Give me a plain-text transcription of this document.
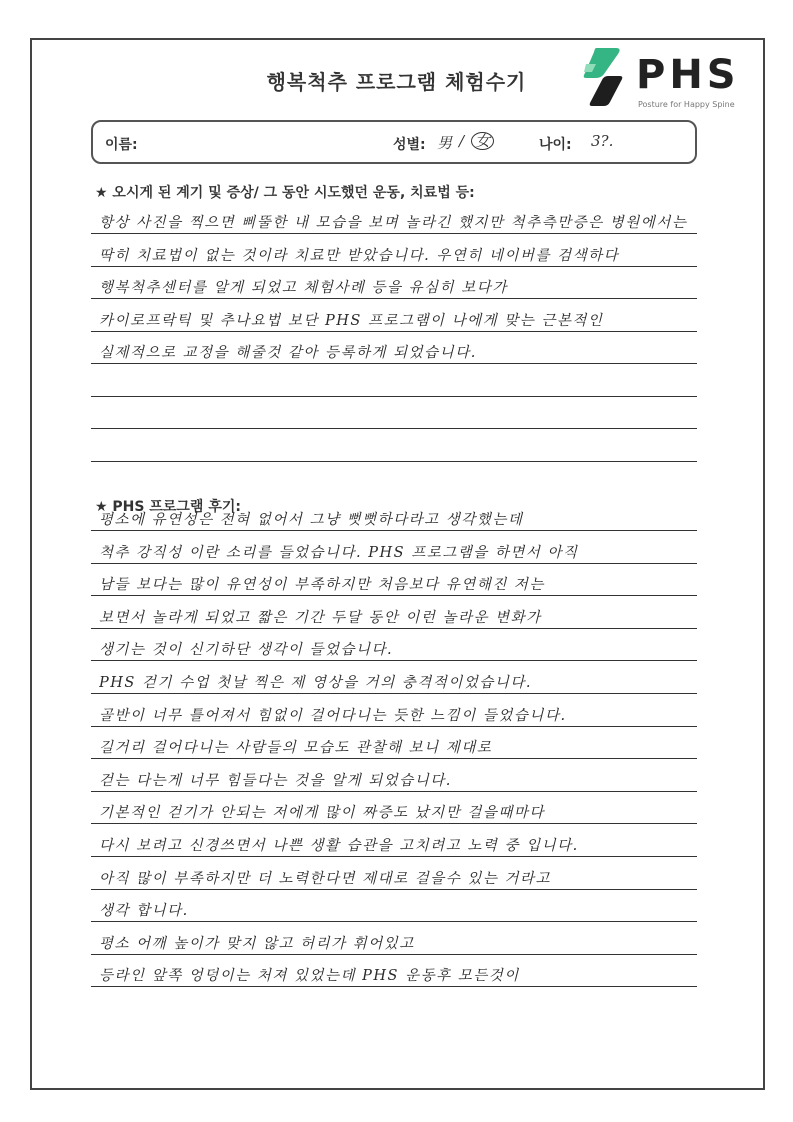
행복척추 프로그램 체험수기	PHS
Posture for Happy Spine
이름:	성별: 男 / 女	나이: 3?.
★ 오시게 된 계기 및 증상/ 그 동안 시도했던 운동, 치료법 등:
항상 사진을 찍으면 삐뚤한 내 모습을 보며 놀라긴 했지만 척추측만증은 병원에서는
딱히 치료법이 없는 것이라 치료만 받았습니다. 우연히 네이버를 검색하다
행복척추센터를 알게 되었고 체험사례 등을 유심히 보다가
카이로프락틱 및 추나요법 보단 PHS 프로그램이 나에게 맞는 근본적인
실제적으로 교정을 해줄것 같아 등록하게 되었습니다.
★ PHS 프로그램 후기:
평소에 유연성은 전혀 없어서 그냥 뻣뻣하다라고 생각했는데
척추 강직성 이란 소리를 들었습니다. PHS 프로그램을 하면서 아직
남들 보다는 많이 유연성이 부족하지만 처음보다 유연해진 저는
보면서 놀라게 되었고 짧은 기간 두달 동안 이런 놀라운 변화가
생기는 것이 신기하단 생각이 들었습니다.
PHS 걷기 수업 첫날 찍은 제 영상을 거의 충격적이었습니다.
골반이 너무 틀어져서 힘없이 걸어다니는 듯한 느낌이 들었습니다.
길거리 걸어다니는 사람들의 모습도 관찰해 보니 제대로
걷는 다는게 너무 힘들다는 것을 알게 되었습니다.
기본적인 걷기가 안되는 저에게 많이 짜증도 났지만 걸을때마다
다시 보려고 신경쓰면서 나쁜 생활 습관을 고치려고 노력 중 입니다.
아직 많이 부족하지만 더 노력한다면 제대로 걸을수 있는 거라고
생각 합니다.
평소 어깨 높이가 맞지 않고 허리가 휘어있고
등라인 앞쪽 엉덩이는 처져 있었는데 PHS 운동후 모든것이
